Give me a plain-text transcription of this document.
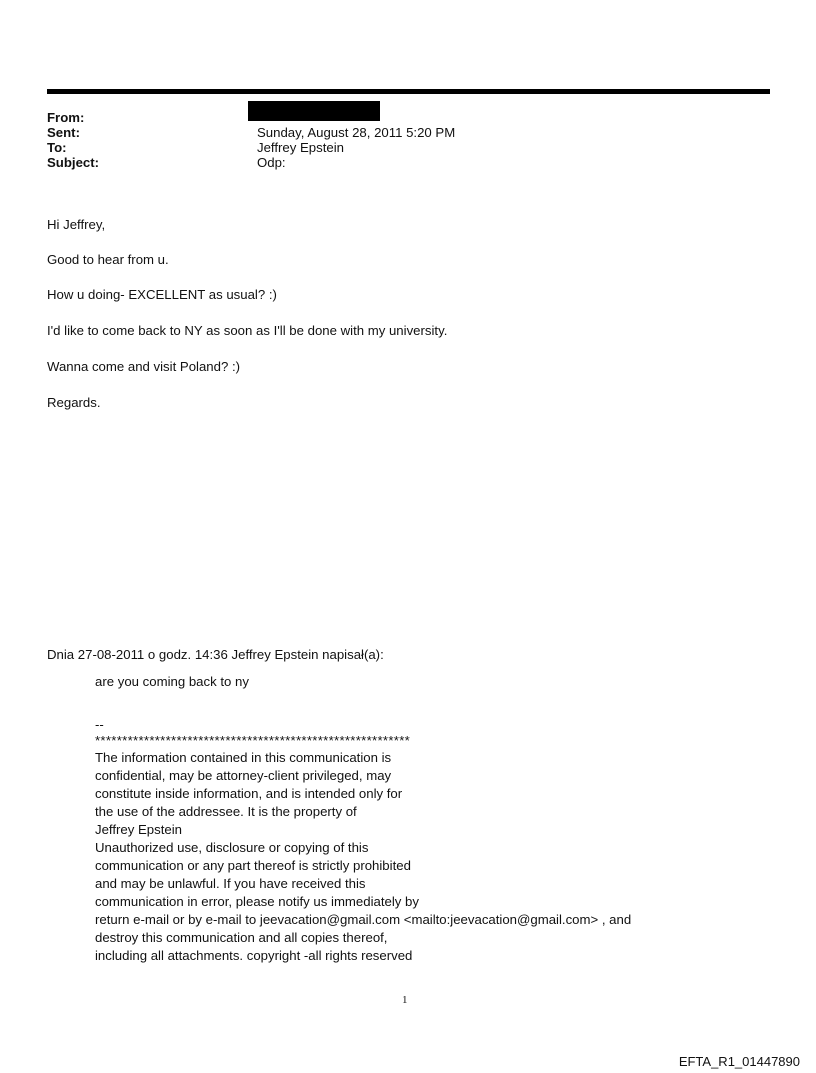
From:
Sent:	Sunday, August 28, 2011 5:20 PM
To:	Jeffrey Epstein
Subject:	Odp:
Hi Jeffrey,
Good to hear from u.
How u doing- EXCELLENT as usual? :)
I'd like to come back to NY as soon as I'll be done with my university.
Wanna come and visit Poland? :)
Regards.
Dnia 27-08-2011 o godz. 14:36 Jeffrey Epstein napisał(a):
are you coming back to ny
--
**********************************************************
The information contained in this communication is
confidential, may be attorney-client privileged, may
constitute inside information, and is intended only for
the use of the addressee. It is the property of
Jeffrey Epstein
Unauthorized use, disclosure or copying of this
communication or any part thereof is strictly prohibited
and may be unlawful. If you have received this
communication in error, please notify us immediately by
return e-mail or by e-mail to jeevacation@gmail.com <mailto:jeevacation@gmail.com> , and
destroy this communication and all copies thereof,
including all attachments. copyright -all rights reserved
1
EFTA_R1_01447890
